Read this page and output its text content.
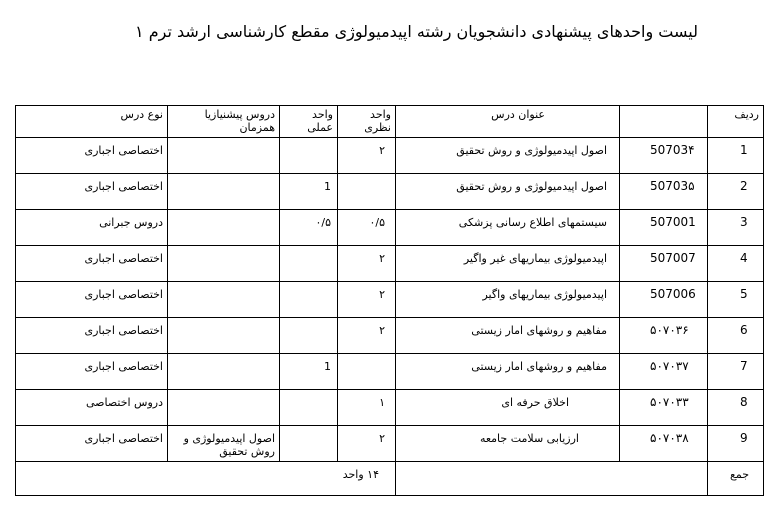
لیست واحدهای پیشنهادی دانشجویان رشته اپیدمیولوژی مقطع کارشناسی ارشد ترم ۱
ردیف		عنوان درس	واحد نظری	واحد عملی	دروس پیشنیازیا همزمان	نوع درس
1	50703۴	اصول اپیدمیولوژی و روش تحقیق	۲			اختصاصی اجباری
2	50703۵	اصول اپیدمیولوژی و روش تحقیق		1		اختصاصی اجباری
3	507001	سیستمهای اطلاع رسانی پزشکی	۰/۵	۰/۵		دروس جبرانی
4	507007	اپیدمیولوژی بیماریهای غیر واگیر	۲			اختصاصی اجباری
5	507006	اپیدمیولوژی بیماریهای واگیر	۲			اختصاصی اجباری
6	۵۰۷۰۳۶	مفاهیم و روشهای امار زیستی	۲			اختصاصی اجباری
7	۵۰۷۰۳۷	مفاهیم و روشهای امار زیستی		1		اختصاصی اجباری
8	۵۰۷۰۳۳	اخلاق حرفه ای	۱			دروس اختصاصی
9	۵۰۷۰۳۸	ارزیابی سلامت جامعه	۲		اصول اپیدمیولوژی و روش تحقیق	اختصاصی اجباری
جمع			۱۴ واحد			
